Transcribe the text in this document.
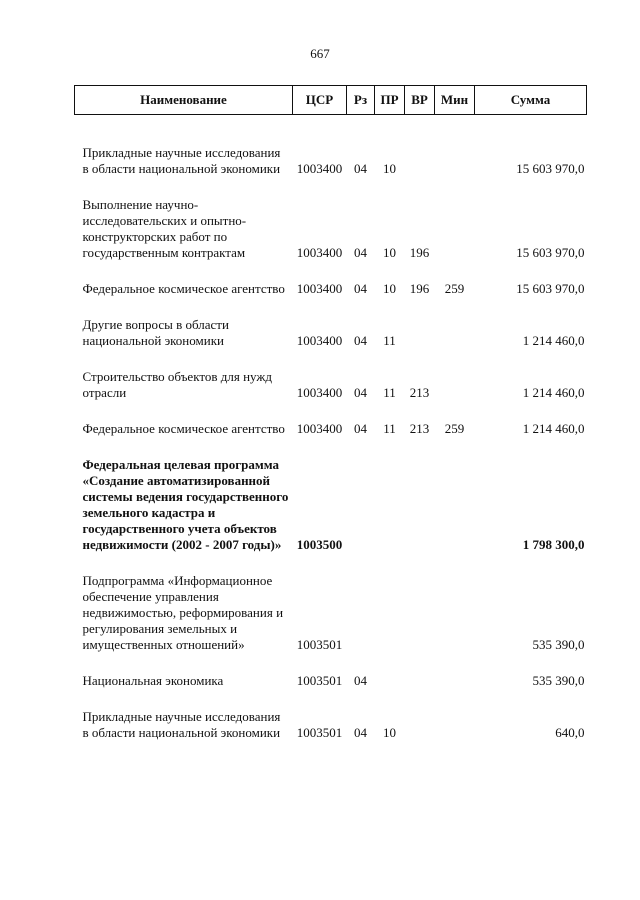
667
Наименование	ЦСР	Рз	ПР	ВР	Мин	Сумма

Прикладные научные исследования в области национальной экономики	1003400	04	10			15 603 970,0

Выполнение научно-исследовательских и опытно-конструкторских работ по государственным контрактам	1003400	04	10	196		15 603 970,0

Федеральное космическое агентство	1003400	04	10	196	259	15 603 970,0

Другие вопросы в области национальной экономики	1003400	04	11			1 214 460,0

Строительство объектов для нужд отрасли	1003400	04	11	213		1 214 460,0

Федеральное космическое агентство	1003400	04	11	213	259	1 214 460,0

Федеральная целевая программа «Создание автоматизированной системы ведения государственного земельного кадастра и государственного учета объектов недвижимости (2002 - 2007 годы)»	1003500					1 798 300,0

Подпрограмма «Информационное обеспечение управления недвижимостью, реформирования и регулирования земельных и имущественных отношений»	1003501					535 390,0

Национальная экономика	1003501	04				535 390,0

Прикладные научные исследования в области национальной экономики	1003501	04	10			640,0
